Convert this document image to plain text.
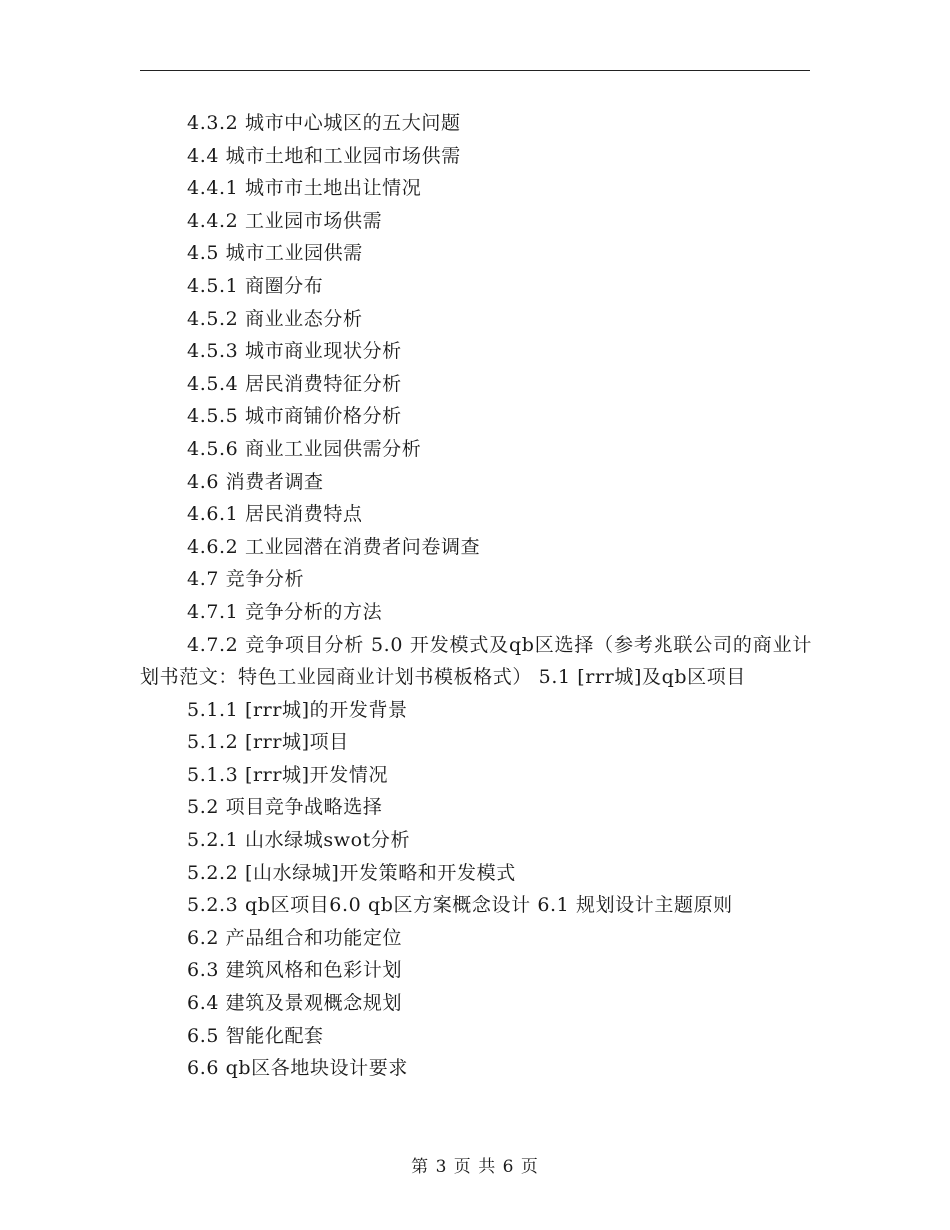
4.3.2 城市中心城区的五大问题
4.4 城市土地和工业园市场供需
4.4.1 城市市土地出让情况
4.4.2 工业园市场供需
4.5 城市工业园供需
4.5.1 商圈分布
4.5.2 商业业态分析
4.5.3 城市商业现状分析
4.5.4 居民消费特征分析
4.5.5 城市商铺价格分析
4.5.6 商业工业园供需分析
4.6 消费者调查
4.6.1 居民消费特点
4.6.2 工业园潜在消费者问卷调查
4.7 竞争分析
4.7.1 竞争分析的方法
4.7.2 竞争项目分析 5.0 开发模式及qb区选择（参考兆联公司的商业计划书范文：特色工业园商业计划书模板格式） 5.1 [rrr城]及qb区项目
5.1.1 [rrr城]的开发背景
5.1.2 [rrr城]项目
5.1.3 [rrr城]开发情况
5.2 项目竞争战略选择
5.2.1 山水绿城swot分析
5.2.2 [山水绿城]开发策略和开发模式
5.2.3 qb区项目6.0 qb区方案概念设计 6.1 规划设计主题原则
6.2 产品组合和功能定位
6.3 建筑风格和色彩计划
6.4 建筑及景观概念规划
6.5 智能化配套
6.6 qb区各地块设计要求
第 3 页 共 6 页
